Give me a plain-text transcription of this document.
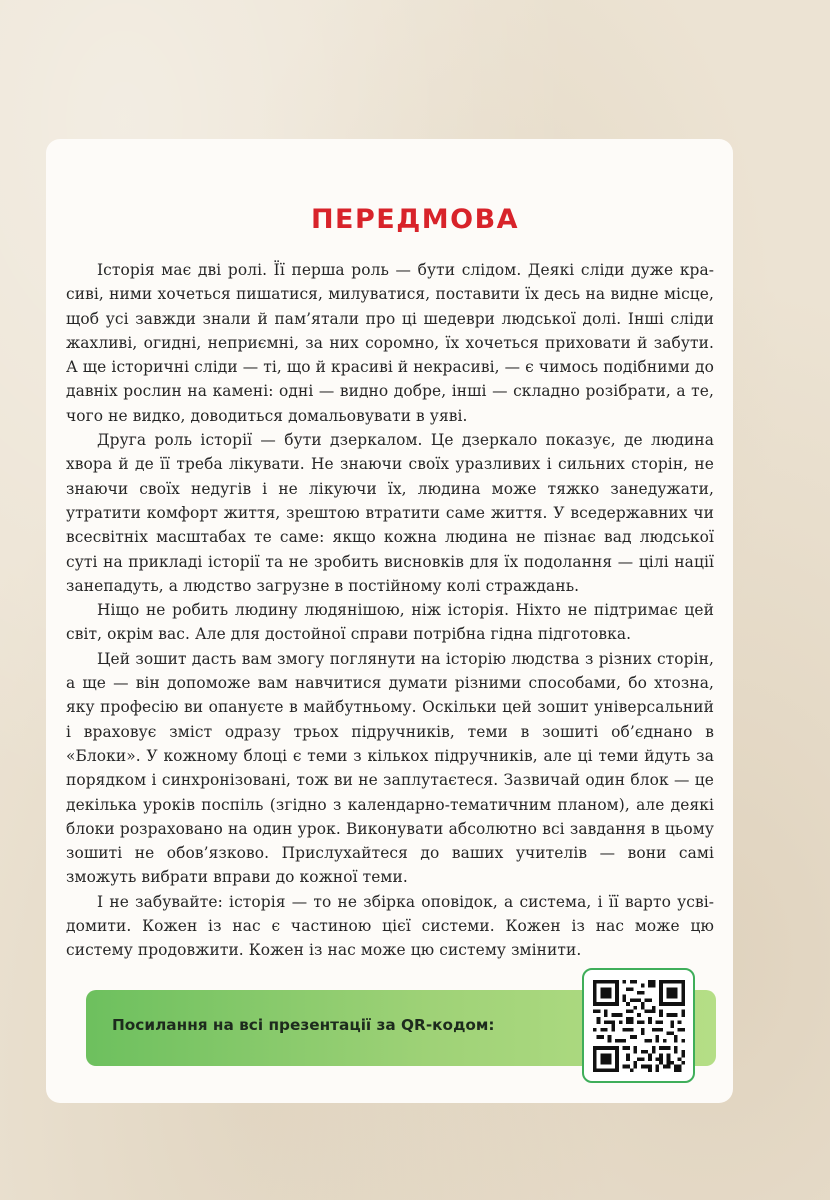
ПЕРЕДМОВА

Історія має дві ролі. Її перша роль — бути слідом. Деякі сліди дуже красиві, ними хочеться пишатися, милуватися, поставити їх десь на видне місце, щоб усі завжди знали й пам’ятали про ці шедеври людської долі. Інші сліди жахливі, огидні, неприємні, за них соромно, їх хочеться приховати й забути. А ще історичні сліди — ті, що й красиві й некрасиві, — є чимось подібними до давніх рослин на камені: одні — видно добре, інші — складно розібрати, а те, чого не видко, доводиться домальовувати в уяві.

Друга роль історії — бути дзеркалом. Це дзеркало показує, де людина хвора й де її треба лікувати. Не знаючи своїх уразливих і сильних сторін, не знаючи своїх недугів і не лікуючи їх, людина може тяжко занедужати, утратити комфорт життя, зрештою втратити саме життя. У вседержавних чи всесвітніх масштабах те саме: якщо кожна людина не пізнає вад людської суті на прикладі історії та не зробить висновків для їх подолання — цілі нації занепадуть, а людство загрузне в постійному колі страждань.

Ніщо не робить людину людянішою, ніж історія. Ніхто не підтримає цей світ, окрім вас. Але для достойної справи потрібна гідна підготовка.

Цей зошит дасть вам змогу поглянути на історію людства з різних сторін, а ще — він допоможе вам навчитися думати різними способами, бо хтозна, яку професію ви опануєте в майбутньому. Оскільки цей зошит універсальний і враховує зміст одразу трьох підручників, теми в зошиті об’єднано в «Блоки». У кожному блоці є теми з кількох підручників, але ці теми йдуть за порядком і синхронізовані, тож ви не заплутаєтеся. Зазвичай один блок — це декілька уроків поспіль (згідно з календарно-тематичним планом), але деякі блоки розраховано на один урок. Виконувати абсолютно всі завдання в цьому зошиті не обов’язково. Прислухайтеся до ваших учителів — вони самі зможуть вибрати вправи до кожної теми.

І не забувайте: історія — то не збірка оповідок, а система, і її варто усвідомити. Кожен із нас є частиною цієї системи. Кожен із нас може цю систему продовжити. Кожен із нас може цю систему змінити.

Посилання на всі презентації за QR-кодом:
